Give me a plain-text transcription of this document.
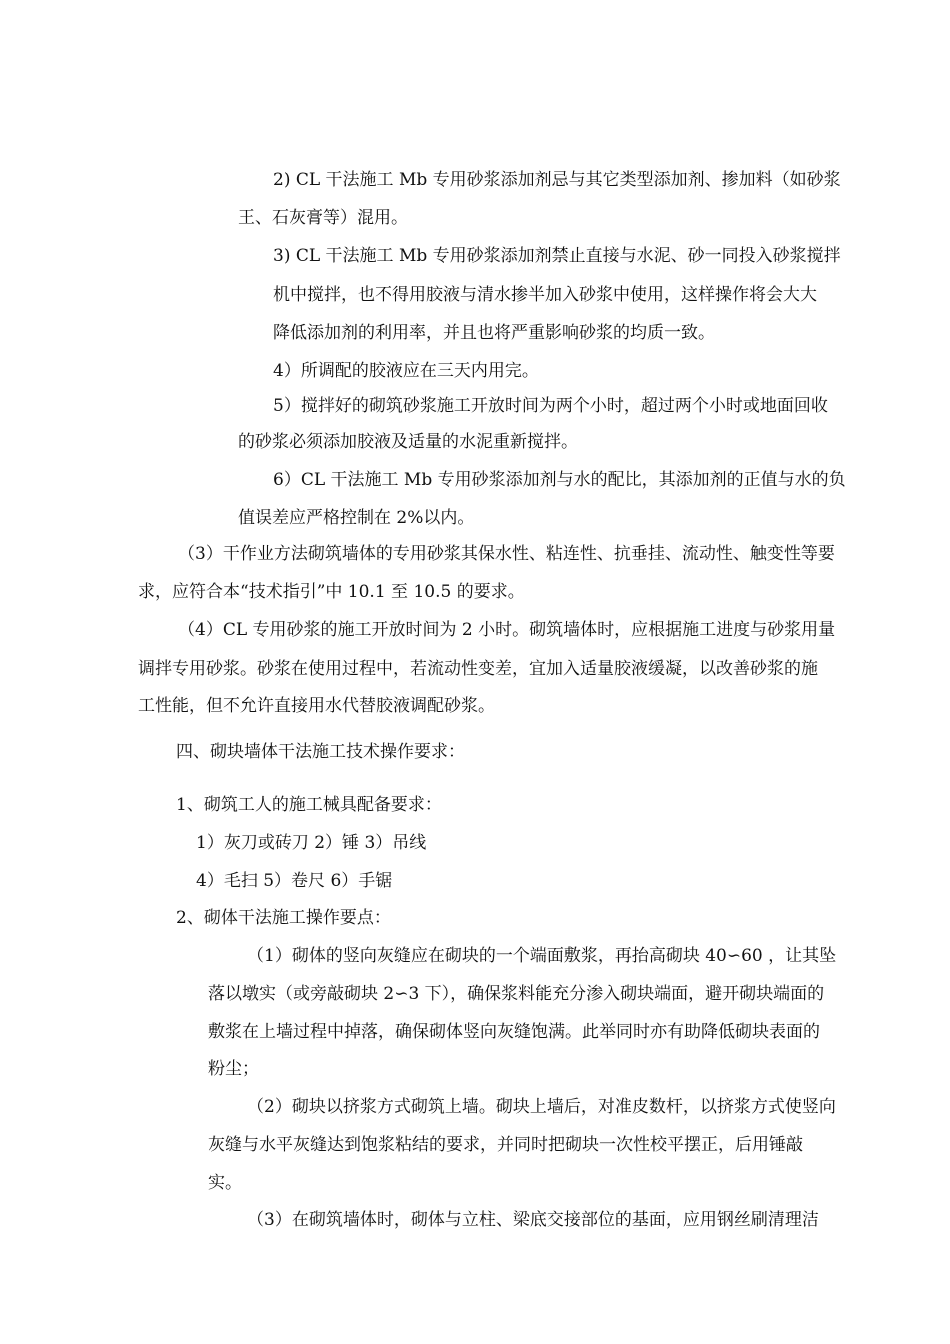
2) CL 干法施工 Mb 专用砂浆添加剂忌与其它类型添加剂、掺加料（如砂浆

王、石灰膏等）混用。

3) CL 干法施工 Mb 专用砂浆添加剂禁止直接与水泥、砂一同投入砂浆搅拌

机中搅拌，也不得用胶液与清水掺半加入砂浆中使用，这样操作将会大大

降低添加剂的利用率，并且也将严重影响砂浆的均质一致。

4）所调配的胶液应在三天内用完。

5）搅拌好的砌筑砂浆施工开放时间为两个小时，超过两个小时或地面回收

的砂浆必须添加胶液及适量的水泥重新搅拌。

6）CL 干法施工 Mb 专用砂浆添加剂与水的配比，其添加剂的正值与水的负

值误差应严格控制在 2%以内。

（3）干作业方法砌筑墙体的专用砂浆其保水性、粘连性、抗垂挂、流动性、触变性等要

求，应符合本“技术指引”中 10.1 至 10.5 的要求。

（4）CL 专用砂浆的施工开放时间为 2 小时。砌筑墙体时，应根据施工进度与砂浆用量

调拌专用砂浆。砂浆在使用过程中，若流动性变差，宜加入适量胶液缓凝，以改善砂浆的施

工性能，但不允许直接用水代替胶液调配砂浆。

四、砌块墙体干法施工技术操作要求：

1、砌筑工人的施工械具配备要求：

1）灰刀或砖刀 2）锤 3）吊线

4）毛扫 5）卷尺 6）手锯

2、砌体干法施工操作要点：

（1）砌体的竖向灰缝应在砌块的一个端面敷浆，再抬高砌块 40∽60 ，让其坠

落以墩实（或旁敲砌块 2∽3 下），确保浆料能充分渗入砌块端面，避开砌块端面的

敷浆在上墙过程中掉落，确保砌体竖向灰缝饱满。此举同时亦有助降低砌块表面的

粉尘；

（2）砌块以挤浆方式砌筑上墙。砌块上墙后，对准皮数杆，以挤浆方式使竖向

灰缝与水平灰缝达到饱浆粘结的要求，并同时把砌块一次性校平摆正，后用锤敲

实。

（3）在砌筑墙体时，砌体与立柱、梁底交接部位的基面，应用钢丝刷清理洁
